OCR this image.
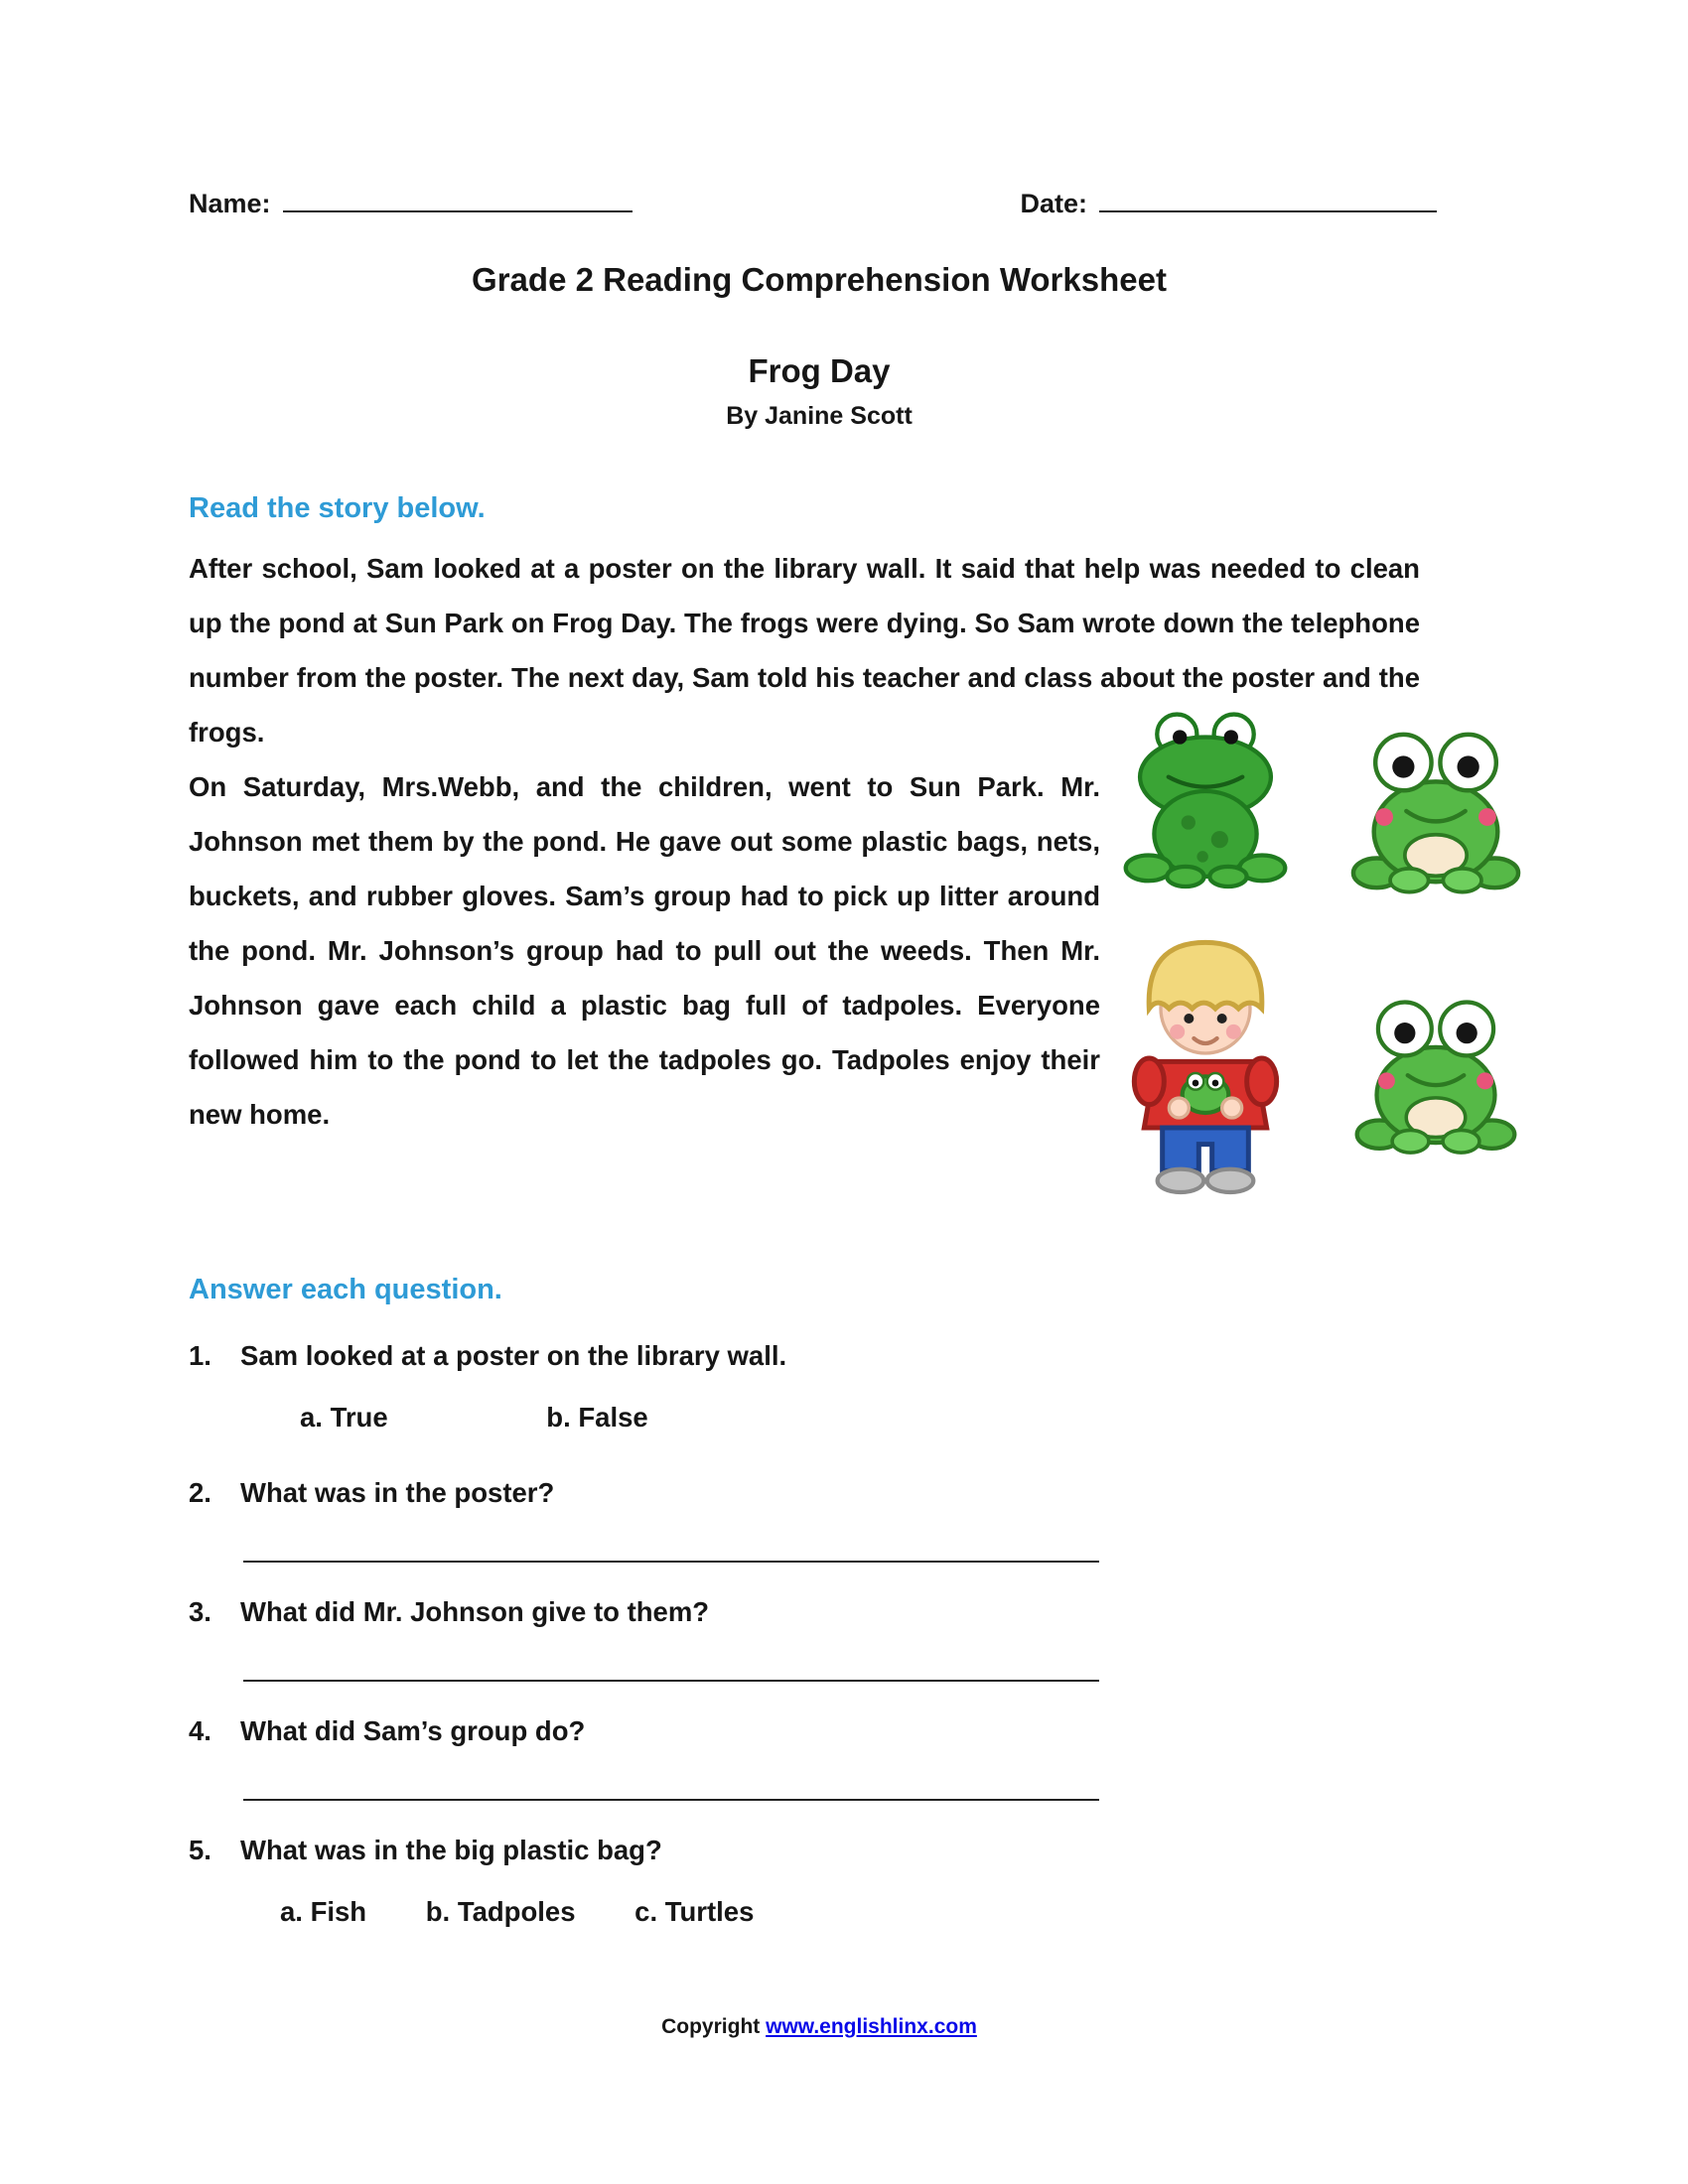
Name:	Date:
Grade 2 Reading Comprehension Worksheet
Frog Day
By Janine Scott
Read the story below.

After school, Sam looked at a poster on the library wall. It said that help was needed to clean up the pond at Sun Park on Frog Day. The frogs were dying. So Sam wrote down the telephone number from the poster. The next day, Sam told his teacher and class about the poster and the frogs.

On Saturday, Mrs.Webb, and the children, went to Sun Park. Mr. Johnson met them by the pond. He gave out some plastic bags, nets, buckets, and rubber gloves. Sam’s group had to pick up litter around the pond. Mr. Johnson’s group had to pull out the weeds. Then Mr. Johnson gave each child a plastic bag full of tadpoles. Everyone followed him to the pond to let the tadpoles go. Tadpoles enjoy their new home.

Answer each question.
1.	Sam looked at a poster on the library wall.
a. True	b. False
2.	What was in the poster?
3.	What did Mr. Johnson give to them?
4.	What did Sam’s group do?
5.	What was in the big plastic bag?
a. Fish b. Tadpoles c. Turtles
Copyright www.englishlinx.com
